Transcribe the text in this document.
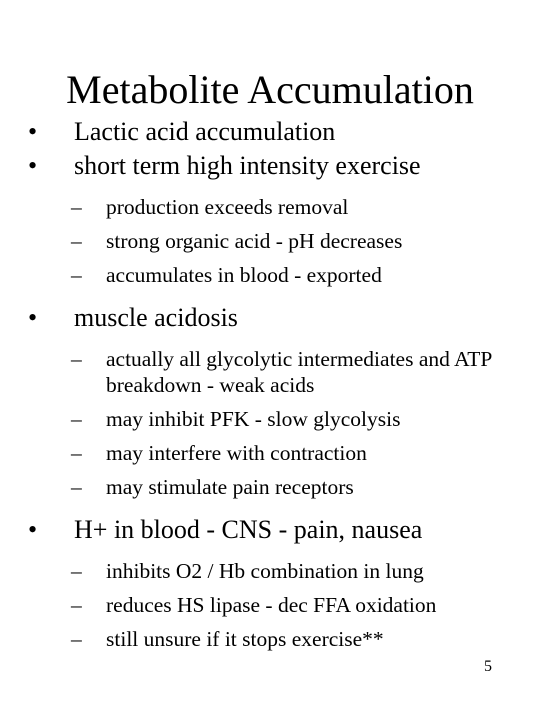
Metabolite Accumulation
• Lactic acid accumulation
• short term high intensity exercise
– production exceeds removal
– strong organic acid - pH decreases
– accumulates in blood - exported
• muscle acidosis
– actually all glycolytic intermediates and ATP breakdown - weak acids
– may inhibit PFK - slow glycolysis
– may interfere with contraction
– may stimulate pain receptors
• H+ in blood - CNS - pain, nausea
– inhibits O2 / Hb combination in lung
– reduces HS lipase - dec FFA oxidation
– still unsure if it stops exercise**
5
